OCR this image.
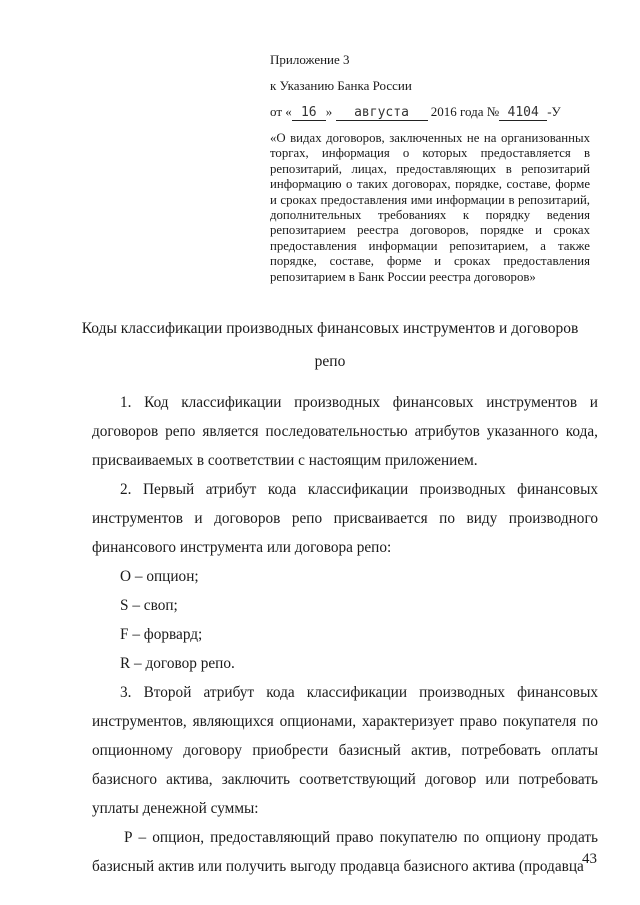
Приложение 3
к Указанию Банка России
от « 16 » августа 2016 года № 4104 -У
«О видах договоров, заключенных не на организованных торгах, информация о которых предоставляется в репозитарий, лицах, предоставляющих в репозитарий информацию о таких договорах, порядке, составе, форме и сроках предоставления ими информации в репозитарий, дополнительных требованиях к порядку ведения репозитарием реестра договоров, порядке и сроках предоставления информации репозитарием, а также порядке, составе, форме и сроках предоставления репозитарием в Банк России реестра договоров»
Коды классификации производных финансовых инструментов и договоров
репо

1. Код классификации производных финансовых инструментов и договоров репо является последовательностью атрибутов указанного кода, присваиваемых в соответствии с настоящим приложением.

2. Первый атрибут кода классификации производных финансовых инструментов и договоров репо присваивается по виду производного финансового инструмента или договора репо:

О – опцион;
S – своп;
F – форвард;
R – договор репо.

3. Второй атрибут кода классификации производных финансовых инструментов, являющихся опционами, характеризует право покупателя по опционному договору приобрести базисный актив, потребовать оплаты базисного актива, заключить соответствующий договор или потребовать уплаты денежной суммы:

Р – опцион, предоставляющий право покупателю по опциону продать базисный актив или получить выгоду продавца базисного актива (продавца

43
